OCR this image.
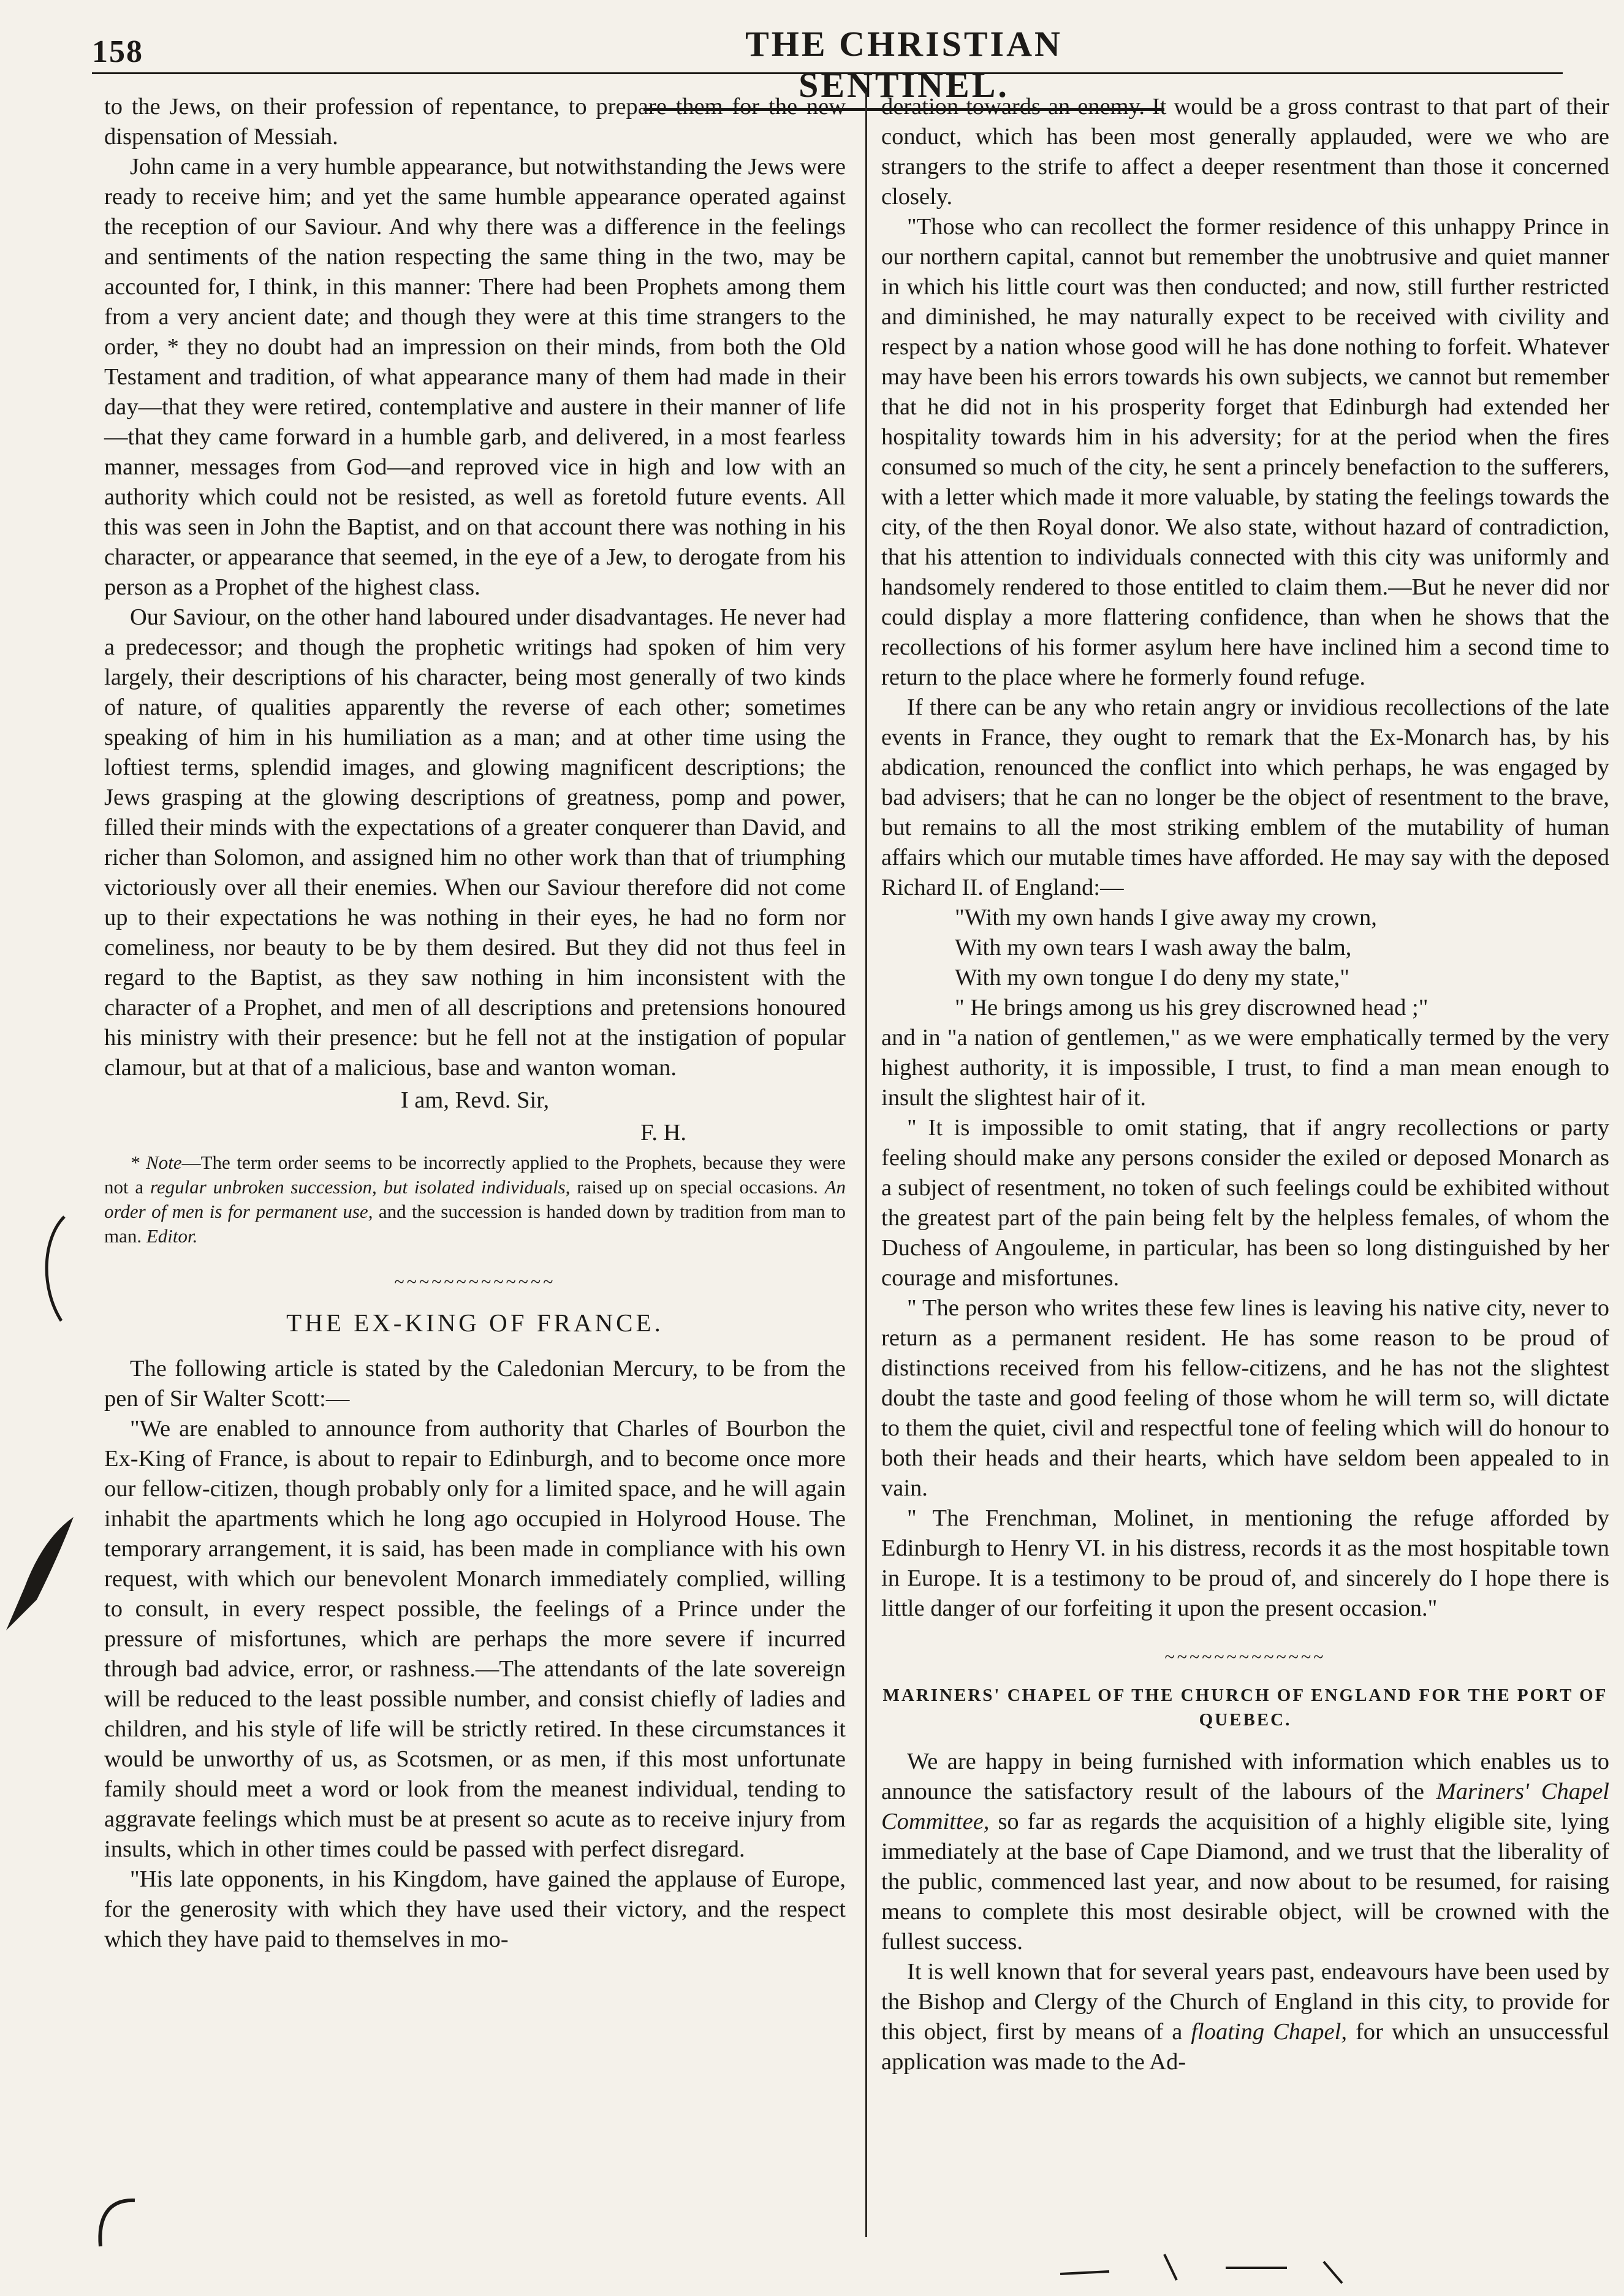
158	THE CHRISTIAN SENTINEL.

to the Jews, on their profession of repentance, to prepare them for the new dispensation of Messiah.

John came in a very humble appearance, but notwithstanding the Jews were ready to receive him; and yet the same humble appearance operated against the reception of our Saviour. And why there was a difference in the feelings and sentiments of the nation respecting the same thing in the two, may be accounted for, I think, in this manner: There had been Prophets among them from a very ancient date; and though they were at this time strangers to the order, * they no doubt had an impression on their minds, from both the Old Testament and tradition, of what appearance many of them had made in their day—that they were retired, contemplative and austere in their manner of life—that they came forward in a humble garb, and delivered, in a most fearless manner, messages from God—and reproved vice in high and low with an authority which could not be resisted, as well as foretold future events. All this was seen in John the Baptist, and on that account there was nothing in his character, or appearance that seemed, in the eye of a Jew, to derogate from his person as a Prophet of the highest class.

Our Saviour, on the other hand laboured under disadvantages. He never had a predecessor; and though the prophetic writings had spoken of him very largely, their descriptions of his character, being most generally of two kinds of nature, of qualities apparently the reverse of each other; sometimes speaking of him in his humiliation as a man; and at other time using the loftiest terms, splendid images, and glowing magnificent descriptions; the Jews grasping at the glowing descriptions of greatness, pomp and power, filled their minds with the expectations of a greater conquerer than David, and richer than Solomon, and assigned him no other work than that of triumphing victoriously over all their enemies. When our Saviour therefore did not come up to their expectations he was nothing in their eyes, he had no form nor comeliness, nor beauty to be by them desired. But they did not thus feel in regard to the Baptist, as they saw nothing in him inconsistent with the character of a Prophet, and men of all descriptions and pretensions honoured his ministry with their presence: but he fell not at the instigation of popular clamour, but at that of a malicious, base and wanton woman.

I am, Revd. Sir,
F. H.

* Note—The term order seems to be incorrectly applied to the Prophets, because they were not a regular unbroken succession, but isolated individuals, raised up on special occasions. An order of men is for permanent use, and the succession is handed down by tradition from man to man. Editor.

~~~~~~~~~~~~~
THE EX-KING OF FRANCE.

The following article is stated by the Caledonian Mercury, to be from the pen of Sir Walter Scott:—

"We are enabled to announce from authority that Charles of Bourbon the Ex-King of France, is about to repair to Edinburgh, and to become once more our fellow-citizen, though probably only for a limited space, and he will again inhabit the apartments which he long ago occupied in Holyrood House. The temporary arrangement, it is said, has been made in compliance with his own request, with which our benevolent Monarch immediately complied, willing to consult, in every respect possible, the feelings of a Prince under the pressure of misfortunes, which are perhaps the more severe if incurred through bad advice, error, or rashness.—The attendants of the late sovereign will be reduced to the least possible number, and consist chiefly of ladies and children, and his style of life will be strictly retired. In these circumstances it would be unworthy of us, as Scotsmen, or as men, if this most unfortunate family should meet a word or look from the meanest individual, tending to aggravate feelings which must be at present so acute as to receive injury from insults, which in other times could be passed with perfect disregard.

"His late opponents, in his Kingdom, have gained the applause of Europe, for the generosity with which they have used their victory, and the respect which they have paid to themselves in mo-

deration towards an enemy. It would be a gross contrast to that part of their conduct, which has been most generally applauded, were we who are strangers to the strife to affect a deeper resentment than those it concerned closely.

"Those who can recollect the former residence of this unhappy Prince in our northern capital, cannot but remember the unobtrusive and quiet manner in which his little court was then conducted; and now, still further restricted and diminished, he may naturally expect to be received with civility and respect by a nation whose good will he has done nothing to forfeit. Whatever may have been his errors towards his own subjects, we cannot but remember that he did not in his prosperity forget that Edinburgh had extended her hospitality towards him in his adversity; for at the period when the fires consumed so much of the city, he sent a princely benefaction to the sufferers, with a letter which made it more valuable, by stating the feelings towards the city, of the then Royal donor. We also state, without hazard of contradiction, that his attention to individuals connected with this city was uniformly and handsomely rendered to those entitled to claim them.—But he never did nor could display a more flattering confidence, than when he shows that the recollections of his former asylum here have inclined him a second time to return to the place where he formerly found refuge.

If there can be any who retain angry or invidious recollections of the late events in France, they ought to remark that the Ex-Monarch has, by his abdication, renounced the conflict into which perhaps, he was engaged by bad advisers; that he can no longer be the object of resentment to the brave, but remains to all the most striking emblem of the mutability of human affairs which our mutable times have afforded. He may say with the deposed Richard II. of England:—

"With my own hands I give away my crown,
With my own tears I wash away the balm,
With my own tongue I do deny my state,"
" He brings among us his grey discrowned head ;"

and in "a nation of gentlemen," as we were emphatically termed by the very highest authority, it is impossible, I trust, to find a man mean enough to insult the slightest hair of it.

" It is impossible to omit stating, that if angry recollections or party feeling should make any persons consider the exiled or deposed Monarch as a subject of resentment, no token of such feelings could be exhibited without the greatest part of the pain being felt by the helpless females, of whom the Duchess of Angouleme, in particular, has been so long distinguished by her courage and misfortunes.

" The person who writes these few lines is leaving his native city, never to return as a permanent resident. He has some reason to be proud of distinctions received from his fellow-citizens, and he has not the slightest doubt the taste and good feeling of those whom he will term so, will dictate to them the quiet, civil and respectful tone of feeling which will do honour to both their heads and their hearts, which have seldom been appealed to in vain.

" The Frenchman, Molinet, in mentioning the refuge afforded by Edinburgh to Henry VI. in his distress, records it as the most hospitable town in Europe. It is a testimony to be proud of, and sincerely do I hope there is little danger of our forfeiting it upon the present occasion."

~~~~~~~~~~~~~
MARINERS' CHAPEL OF THE CHURCH OF ENGLAND FOR THE PORT OF QUEBEC.

We are happy in being furnished with information which enables us to announce the satisfactory result of the labours of the Mariners' Chapel Committee, so far as regards the acquisition of a highly eligible site, lying immediately at the base of Cape Diamond, and we trust that the liberality of the public, commenced last year, and now about to be resumed, for raising means to complete this most desirable object, will be crowned with the fullest success.

It is well known that for several years past, endeavours have been used by the Bishop and Clergy of the Church of England in this city, to provide for this object, first by means of a floating Chapel, for which an unsuccessful application was made to the Ad-
